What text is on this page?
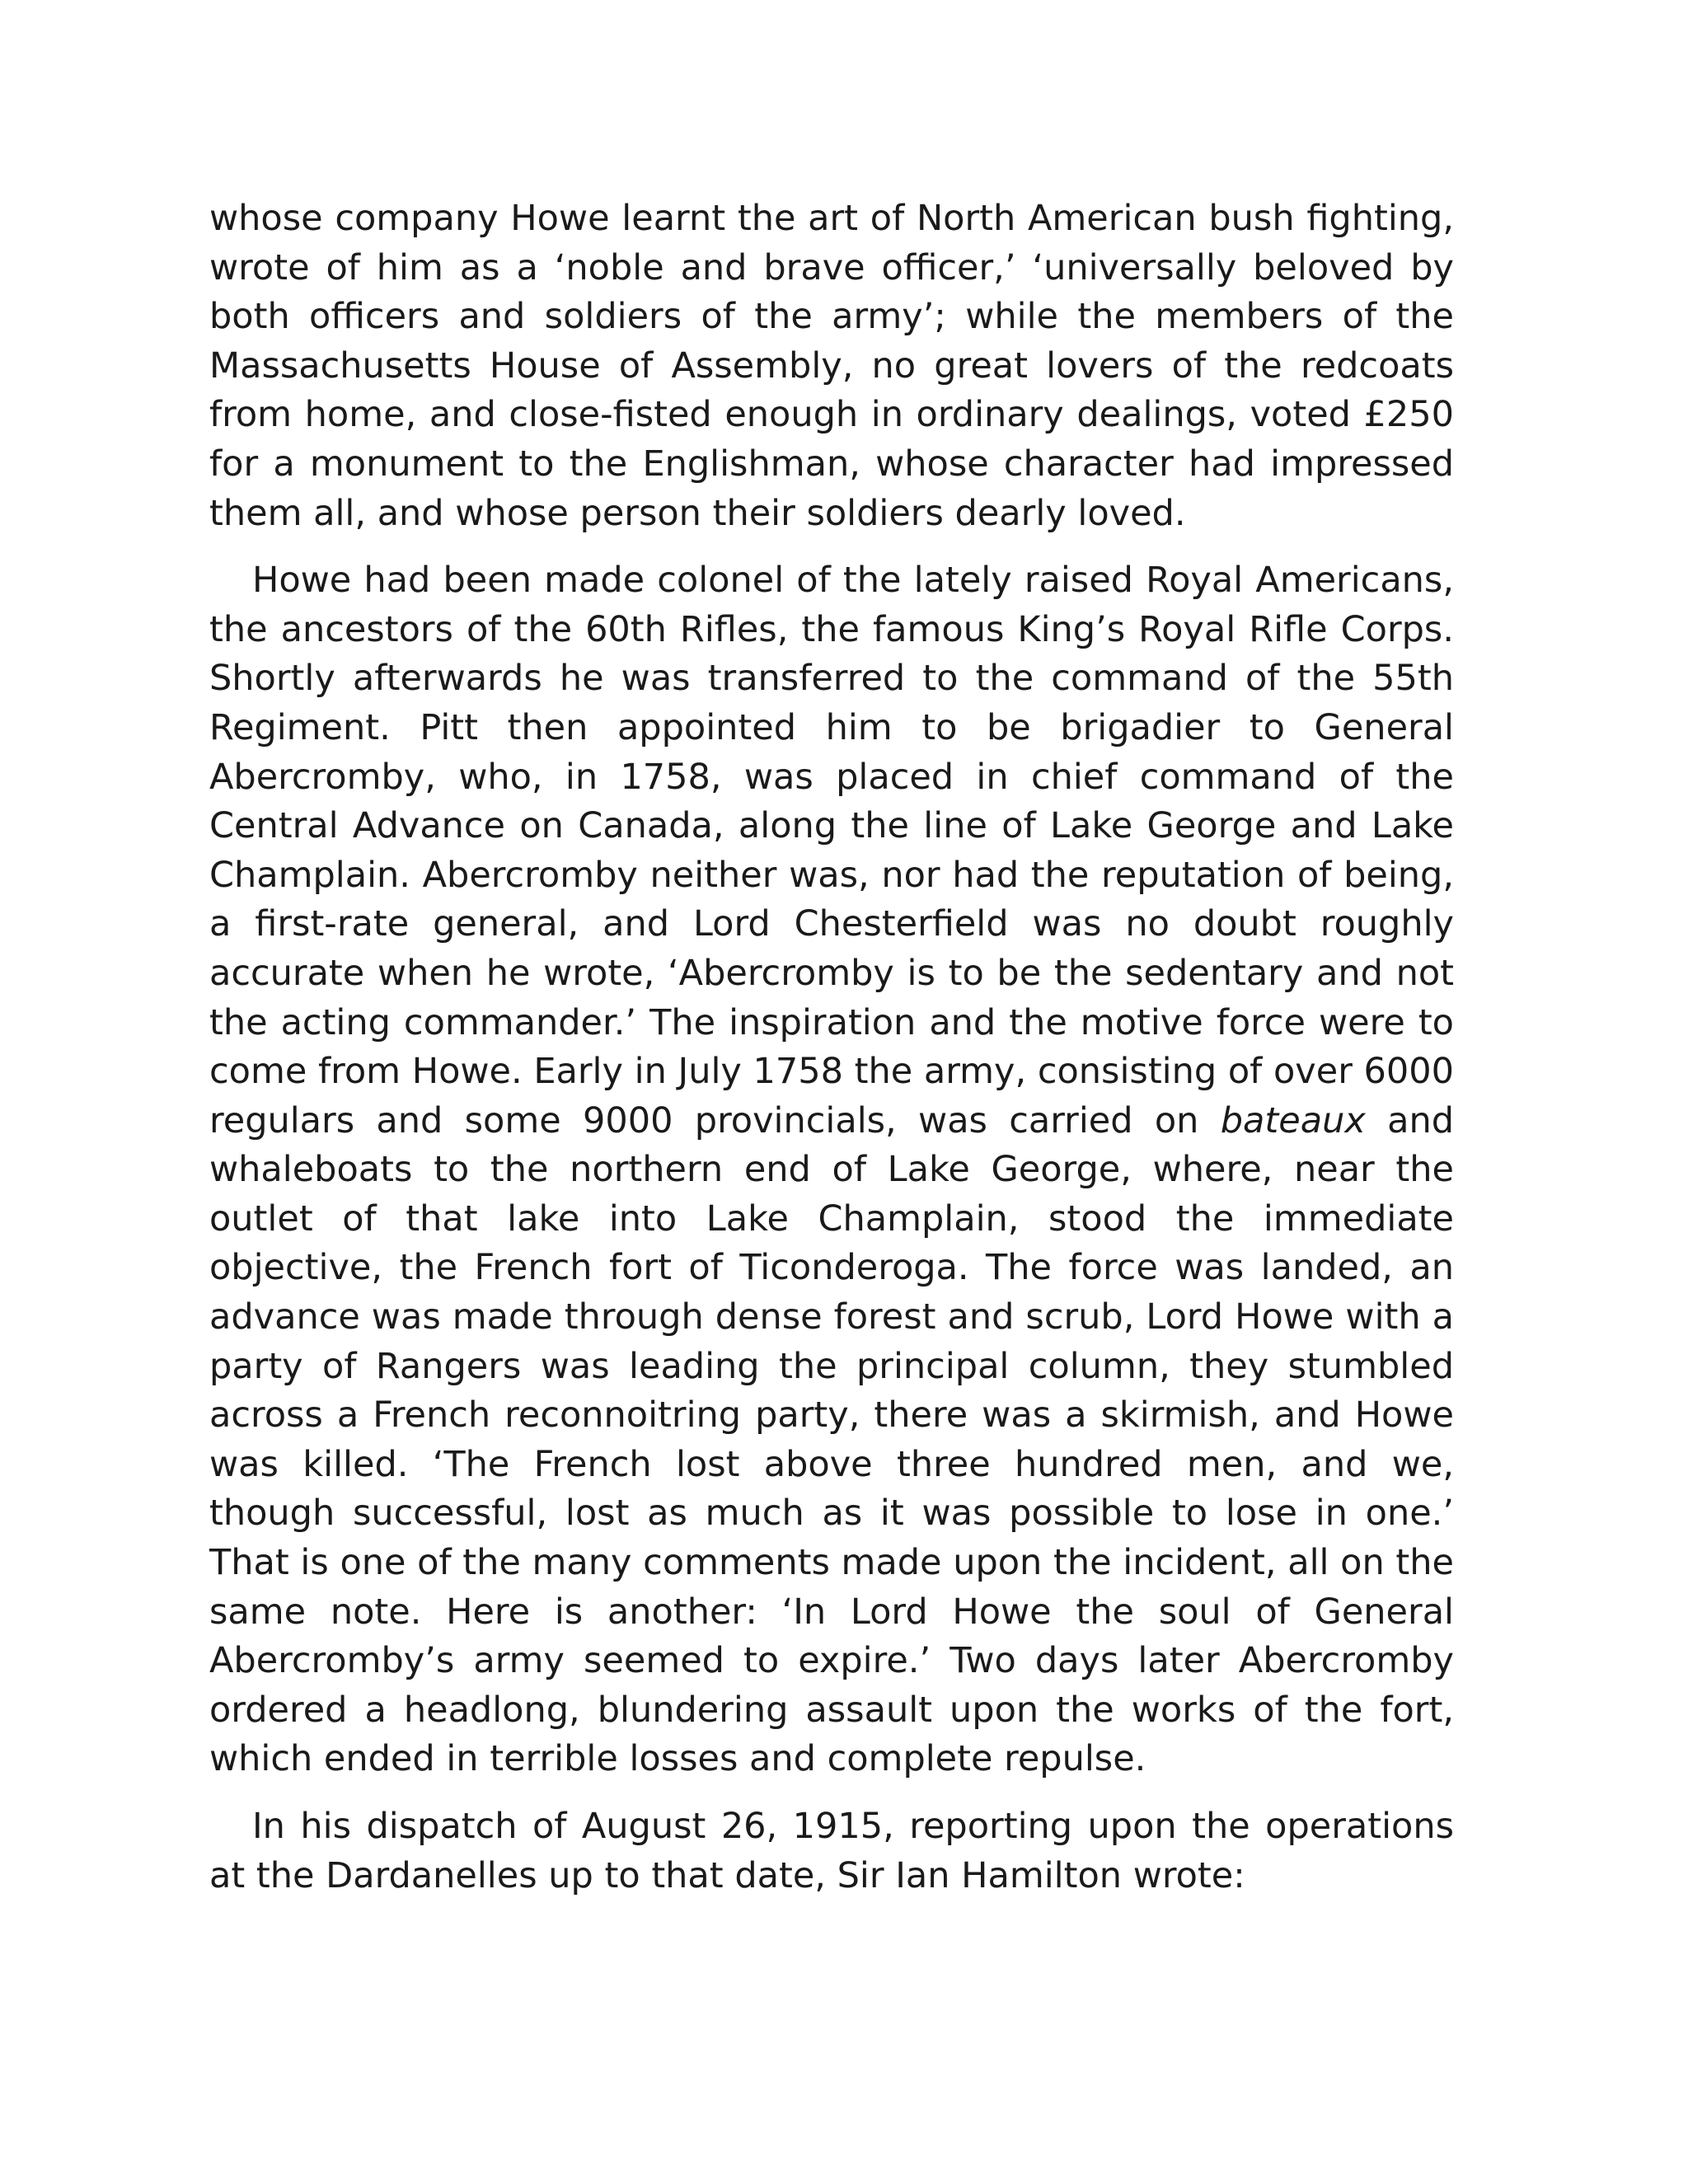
whose company Howe learnt the art of North American bush fighting, wrote of him as a ‘noble and brave officer,’ ‘universally beloved by both officers and soldiers of the army’; while the members of the Massachusetts House of Assembly, no great lovers of the redcoats from home, and close-fisted enough in ordinary dealings, voted £250 for a monument to the Englishman, whose character had impressed them all, and whose person their soldiers dearly loved.

Howe had been made colonel of the lately raised Royal Americans, the ancestors of the 60th Rifles, the famous King’s Royal Rifle Corps. Shortly afterwards he was transferred to the command of the 55th Regiment. Pitt then appointed him to be brigadier to General Abercromby, who, in 1758, was placed in chief command of the Central Advance on Canada, along the line of Lake George and Lake Champlain. Abercromby neither was, nor had the reputation of being, a first-rate general, and Lord Chesterfield was no doubt roughly accurate when he wrote, ‘Abercromby is to be the sedentary and not the acting commander.’ The inspiration and the motive force were to come from Howe. Early in July 1758 the army, consisting of over 6000 regulars and some 9000 provincials, was carried on bateaux and whaleboats to the northern end of Lake George, where, near the outlet of that lake into Lake Champlain, stood the immediate objective, the French fort of Ticonderoga. The force was landed, an advance was made through dense forest and scrub, Lord Howe with a party of Rangers was leading the principal column, they stumbled across a French reconnoitring party, there was a skirmish, and Howe was killed. ‘The French lost above three hundred men, and we, though successful, lost as much as it was possible to lose in one.’ That is one of the many comments made upon the incident, all on the same note. Here is another: ‘In Lord Howe the soul of General Abercromby’s army seemed to expire.’ Two days later Abercromby ordered a headlong, blundering assault upon the works of the fort, which ended in terrible losses and complete repulse.

In his dispatch of August 26, 1915, reporting upon the operations at the Dardanelles up to that date, Sir Ian Hamilton wrote:
